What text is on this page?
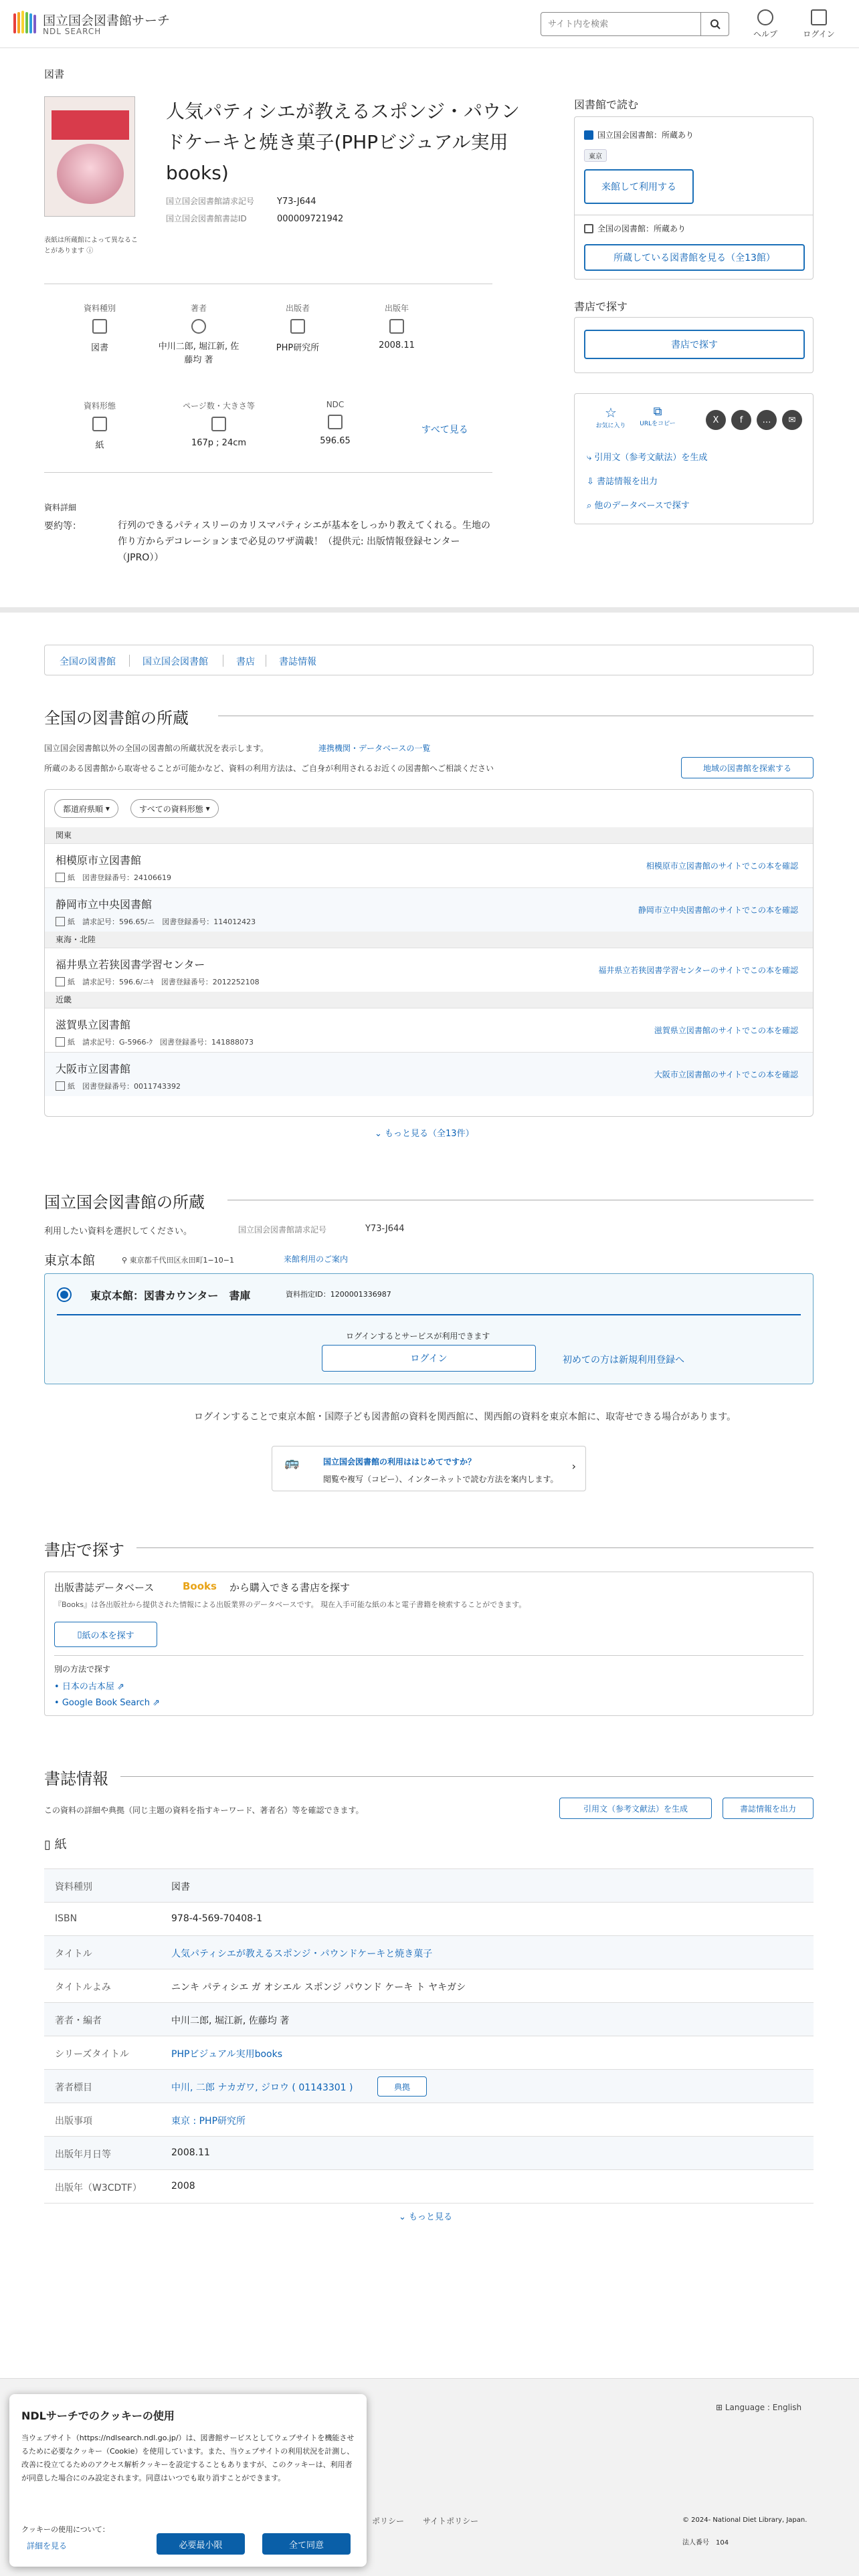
国立国会図書館サーチ
NDL SEARCH
サイト内を検索	ヘルプ	ログイン
図書
表紙は所蔵館によって異なることがあります ⓘ
人気パティシエが教えるスポンジ・パウンドケーキと焼き菓子(PHPビジュアル実用books)
国立国会図書館請求記号	Y73-J644
国立国会図書館書誌ID	000009721942
資料種別
図書
著者
中川二郎, 堀江新, 佐藤均 著
出版者
PHP研究所
出版年
2008.11
資料形態
紙
ページ数・大きさ等
167p ; 24cm
NDC
596.65
すべて見る
資料詳細
要約等：	行列のできるパティスリーのカリスマパティシエが基本をしっかり教えてくれる。生地の作り方からデコレーションまで必見のワザ満載！（提供元: 出版情報登録センター（JPRO））

図書館で読む
国立国会図書館：所蔵あり
東京
来館して利用する
全国の図書館：所蔵あり
所蔵している図書館を見る（全13館）
書店で探す
書店で探す
☆
お気に入り
⧉
URLをコピー	X	f	…	✉
⤷ 引用文（参考文献法）を生成
⇩ 書誌情報を出力
⌕ 他のデータベースで探す
全国の図書館	国立国会図書館	書店	書誌情報
全国の図書館の所蔵
国立国会図書館以外の全国の図書館の所蔵状況を表示します。	連携機関・データベースの一覧
所蔵のある図書館から取寄せることが可能かなど、資料の利用方法は、ご自身が利用されるお近くの図書館へご相談ください	地域の図書館を探索する
都道府県順 ▾	すべての資料形態 ▾
関東
相模原市立図書館
紙　 図書登録番号：24106619
相模原市立図書館のサイトでこの本を確認
静岡市立中央図書館
紙　 請求記号：596.65/ニ　図書登録番号：114012423
静岡市立中央図書館のサイトでこの本を確認
東海・北陸
福井県立若狭図書学習センター
紙　 請求記号：596.6/ニｷ　図書登録番号：2012252108
福井県立若狭図書学習センターのサイトでこの本を確認
近畿
滋賀県立図書館
紙　 請求記号：G-5966-ｸ　図書登録番号：141888073
滋賀県立図書館のサイトでこの本を確認
大阪市立図書館
紙　 図書登録番号：0011743392
大阪市立図書館のサイトでこの本を確認
⌄ もっと見る（全13件）
国立国会図書館の所蔵
利用したい資料を選択してください。	国立国会図書館請求記号	Y73-J644
東京本館	⚲ 東京都千代田区永田町1−10−1	来館利用のご案内
東京本館：図書カウンター　書庫	資料指定ID：1200001336987
ログインするとサービスが利用できます
ログイン	初めての方は新規利用登録へ
ログインすることで東京本館・国際子ども図書館の資料を関西館に、関西館の資料を東京本館に、取寄せできる場合があります。
🚌	国立国会図書館の利用ははじめてですか？
閲覧や複写（コピー）、インターネットで読む方法を案内します。
›
書店で探す
出版書誌データベース	Books から購入できる書店を探す
『Books』は各出版社から提供された情報による出版業界のデータベースです。 現在入手可能な紙の本と電子書籍を検索することができます。
▯ 紙の本を探す
別の方法で探す
• 日本の古本屋 ⇗
• Google Book Search ⇗
書誌情報
この資料の詳細や典拠（同じ主題の資料を指すキーワード、著者名）等を確認できます。	引用文（参考文献法）を生成	書誌情報を出力
▯ 紙
資料種別	図書
ISBN	978-4-569-70408-1
タイトル	人気パティシエが教えるスポンジ・パウンドケーキと焼き菓子
タイトルよみ	ニンキ パティシエ ガ オシエル スポンジ パウンド ケーキ ト ヤキガシ
著者・編者	中川二郎, 堀江新, 佐藤均 著
シリーズタイトル	PHPビジュアル実用books
著者標目	中川, 二郎 ナカガワ, ジロウ ( 01143301 )	典拠
出版事項	東京 : PHP研究所
出版年月日等	2008.11
出版年（W3CDTF）	2008
⌄ もっと見る
⊞ Language : English
ポリシー サイトポリシー	© 2024- National Diet Library, Japan.
法人番号　 104
NDLサーチでのクッキーの使用

当ウェブサイト（https://ndlsearch.ndl.go.jp/）は、図書館サービスとしてウェブサイトを機能させるために必要なクッキー（Cookie）を使用しています。また、当ウェブサイトの利用状況を計測し、改善に役立てるためのアクセス解析クッキーを設定することもありますが、このクッキーは、利用者が同意した場合にのみ設定されます。同意はいつでも取り消すことができます。

クッキーの使用について：
詳細を見る	必要最小限	全て同意
